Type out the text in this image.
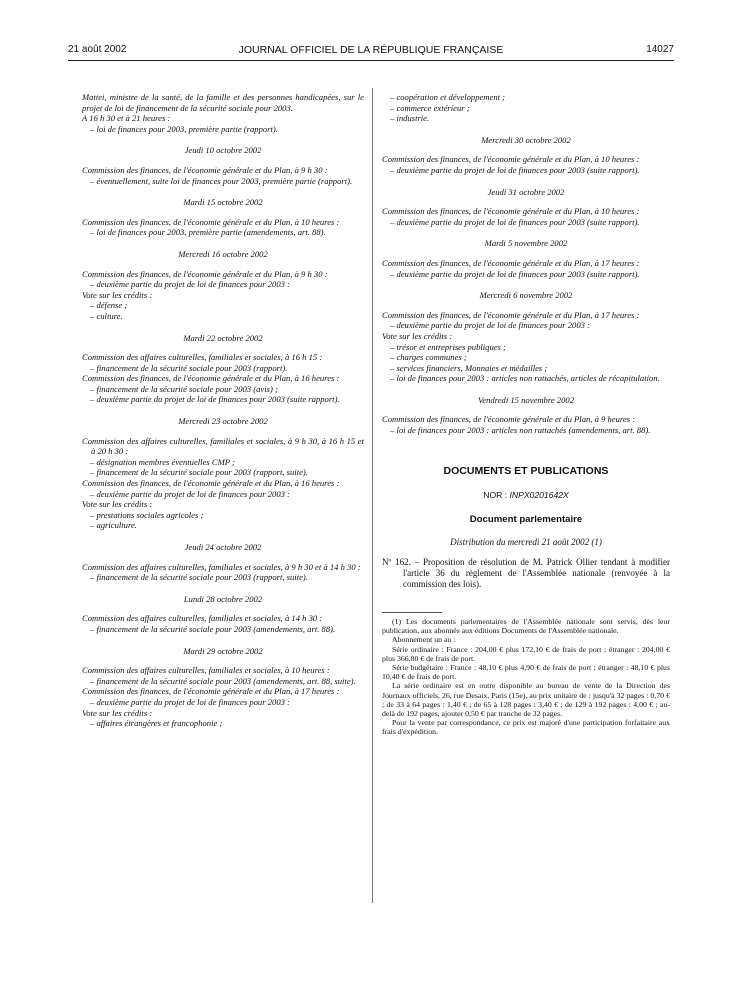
21 août 2002	JOURNAL OFFICIEL DE LA RÉPUBLIQUE FRANÇAISE	14027

Mattei, ministre de la santé, de la famille et des personnes handicapées, sur le projet de loi de financement de la sécurité sociale pour 2003.

A 16 h 30 et à 21 heures :

– loi de finances pour 2003, première partie (rapport).

Jeudi 10 octobre 2002

Commission des finances, de l'économie générale et du Plan, à 9 h 30 :

– éventuellement, suite loi de finances pour 2003, première partie (rapport).

Mardi 15 octobre 2002

Commission des finances, de l'économie générale et du Plan, à 10 heures :

– loi de finances pour 2003, première partie (amendements, art. 88).

Mercredi 16 octobre 2002

Commission des finances, de l'économie générale et du Plan, à 9 h 30 :

– deuxième partie du projet de loi de finances pour 2003 :

Vote sur les crédits :

– défense ;

– culture.

Mardi 22 octobre 2002

Commission des affaires culturelles, familiales et sociales, à 16 h 15 :

– financement de la sécurité sociale pour 2003 (rapport).

Commission des finances, de l'économie générale et du Plan, à 16 heures :

– financement de la sécurité sociale pour 2003 (avis) ;

– deuxième partie du projet de loi de finances pour 2003 (suite rapport).

Mercredi 23 octobre 2002

Commission des affaires culturelles, familiales et sociales, à 9 h 30, à 16 h 15 et à 20 h 30 :

– désignation membres éventuelles CMP ;

– financement de la sécurité sociale pour 2003 (rapport, suite).

Commission des finances, de l'économie générale et du Plan, à 16 heures :

– deuxième partie du projet de loi de finances pour 2003 :

Vote sur les crédits :

– prestations sociales agricoles ;

– agriculture.

Jeudi 24 octobre 2002

Commission des affaires culturelles, familiales et sociales, à 9 h 30 et à 14 h 30 :

– financement de la sécurité sociale pour 2003 (rapport, suite).

Lundi 28 octobre 2002

Commission des affaires culturelles, familiales et sociales, à 14 h 30 :

– financement de la sécurité sociale pour 2003 (amendements, art. 88).

Mardi 29 octobre 2002

Commission des affaires culturelles, familiales et sociales, à 10 heures :

– financement de la sécurité sociale pour 2003 (amendements, art. 88, suite).

Commission des finances, de l'économie générale et du Plan, à 17 heures :

– deuxième partie du projet de loi de finances pour 2003 :

Vote sur les crédits :

– affaires étrangères et francophonie ;

– coopération et développement ;

– commerce extérieur ;

– industrie.

Mercredi 30 octobre 2002

Commission des finances, de l'économie générale et du Plan, à 10 heures :

– deuxième partie du projet de loi de finances pour 2003 (suite rapport).

Jeudi 31 octobre 2002

Commission des finances, de l'économie générale et du Plan, à 10 heures :

– deuxième partie du projet de loi de finances pour 2003 (suite rapport).

Mardi 5 novembre 2002

Commission des finances, de l'économie générale et du Plan, à 17 heures :

– deuxième partie du projet de loi de finances pour 2003 (suite rapport).

Mercredi 6 novembre 2002

Commission des finances, de l'économie générale et du Plan, à 17 heures :

– deuxième partie du projet de loi de finances pour 2003 :

Vote sur les crédits :

– trésor et entreprises publiques ;

– charges communes ;

– services financiers, Monnaies et médailles ;

– loi de finances pour 2003 : articles non rattachés, articles de récapitulation.

Vendredi 15 novembre 2002

Commission des finances, de l'économie générale et du Plan, à 9 heures :

– loi de finances pour 2003 : articles non rattachés (amendements, art. 88).

DOCUMENTS ET PUBLICATIONS
NOR : INPX0201642X
Document parlementaire
Distribution du mercredi 21 août 2002 (1)
Nº 162. – Proposition de résolution de M. Patrick Ollier tendant à modifier l'article 36 du règlement de l'Assemblée nationale (renvoyée à la commission des lois).

(1) Les documents parlementaires de l'Assemblée nationale sont servis, dès leur publication, aux abonnés aux éditions Documents de l'Assemblée nationale.

Abonnement un an :

Série ordinaire : France : 204,00 € plus 172,10 € de frais de port ; étranger : 204,00 € plus 366,80 € de frais de port.

Série budgétaire : France : 48,10 € plus 4,90 € de frais de port ; étranger : 48,10 € plus 10,40 € de frais de port.

La série ordinaire est en outre disponible au bureau de vente de la Direction des Journaux officiels, 26, rue Desaix, Paris (15e), au prix unitaire de : jusqu'à 32 pages : 0,70 € ; de 33 à 64 pages : 1,40 € ; de 65 à 128 pages : 3,40 € ; de 129 à 192 pages : 4,00 € ; au-delà de 192 pages, ajouter 0,50 € par tranche de 32 pages.

Pour la vente par correspondance, ce prix est majoré d'une participation forfaitaire aux frais d'expédition.
